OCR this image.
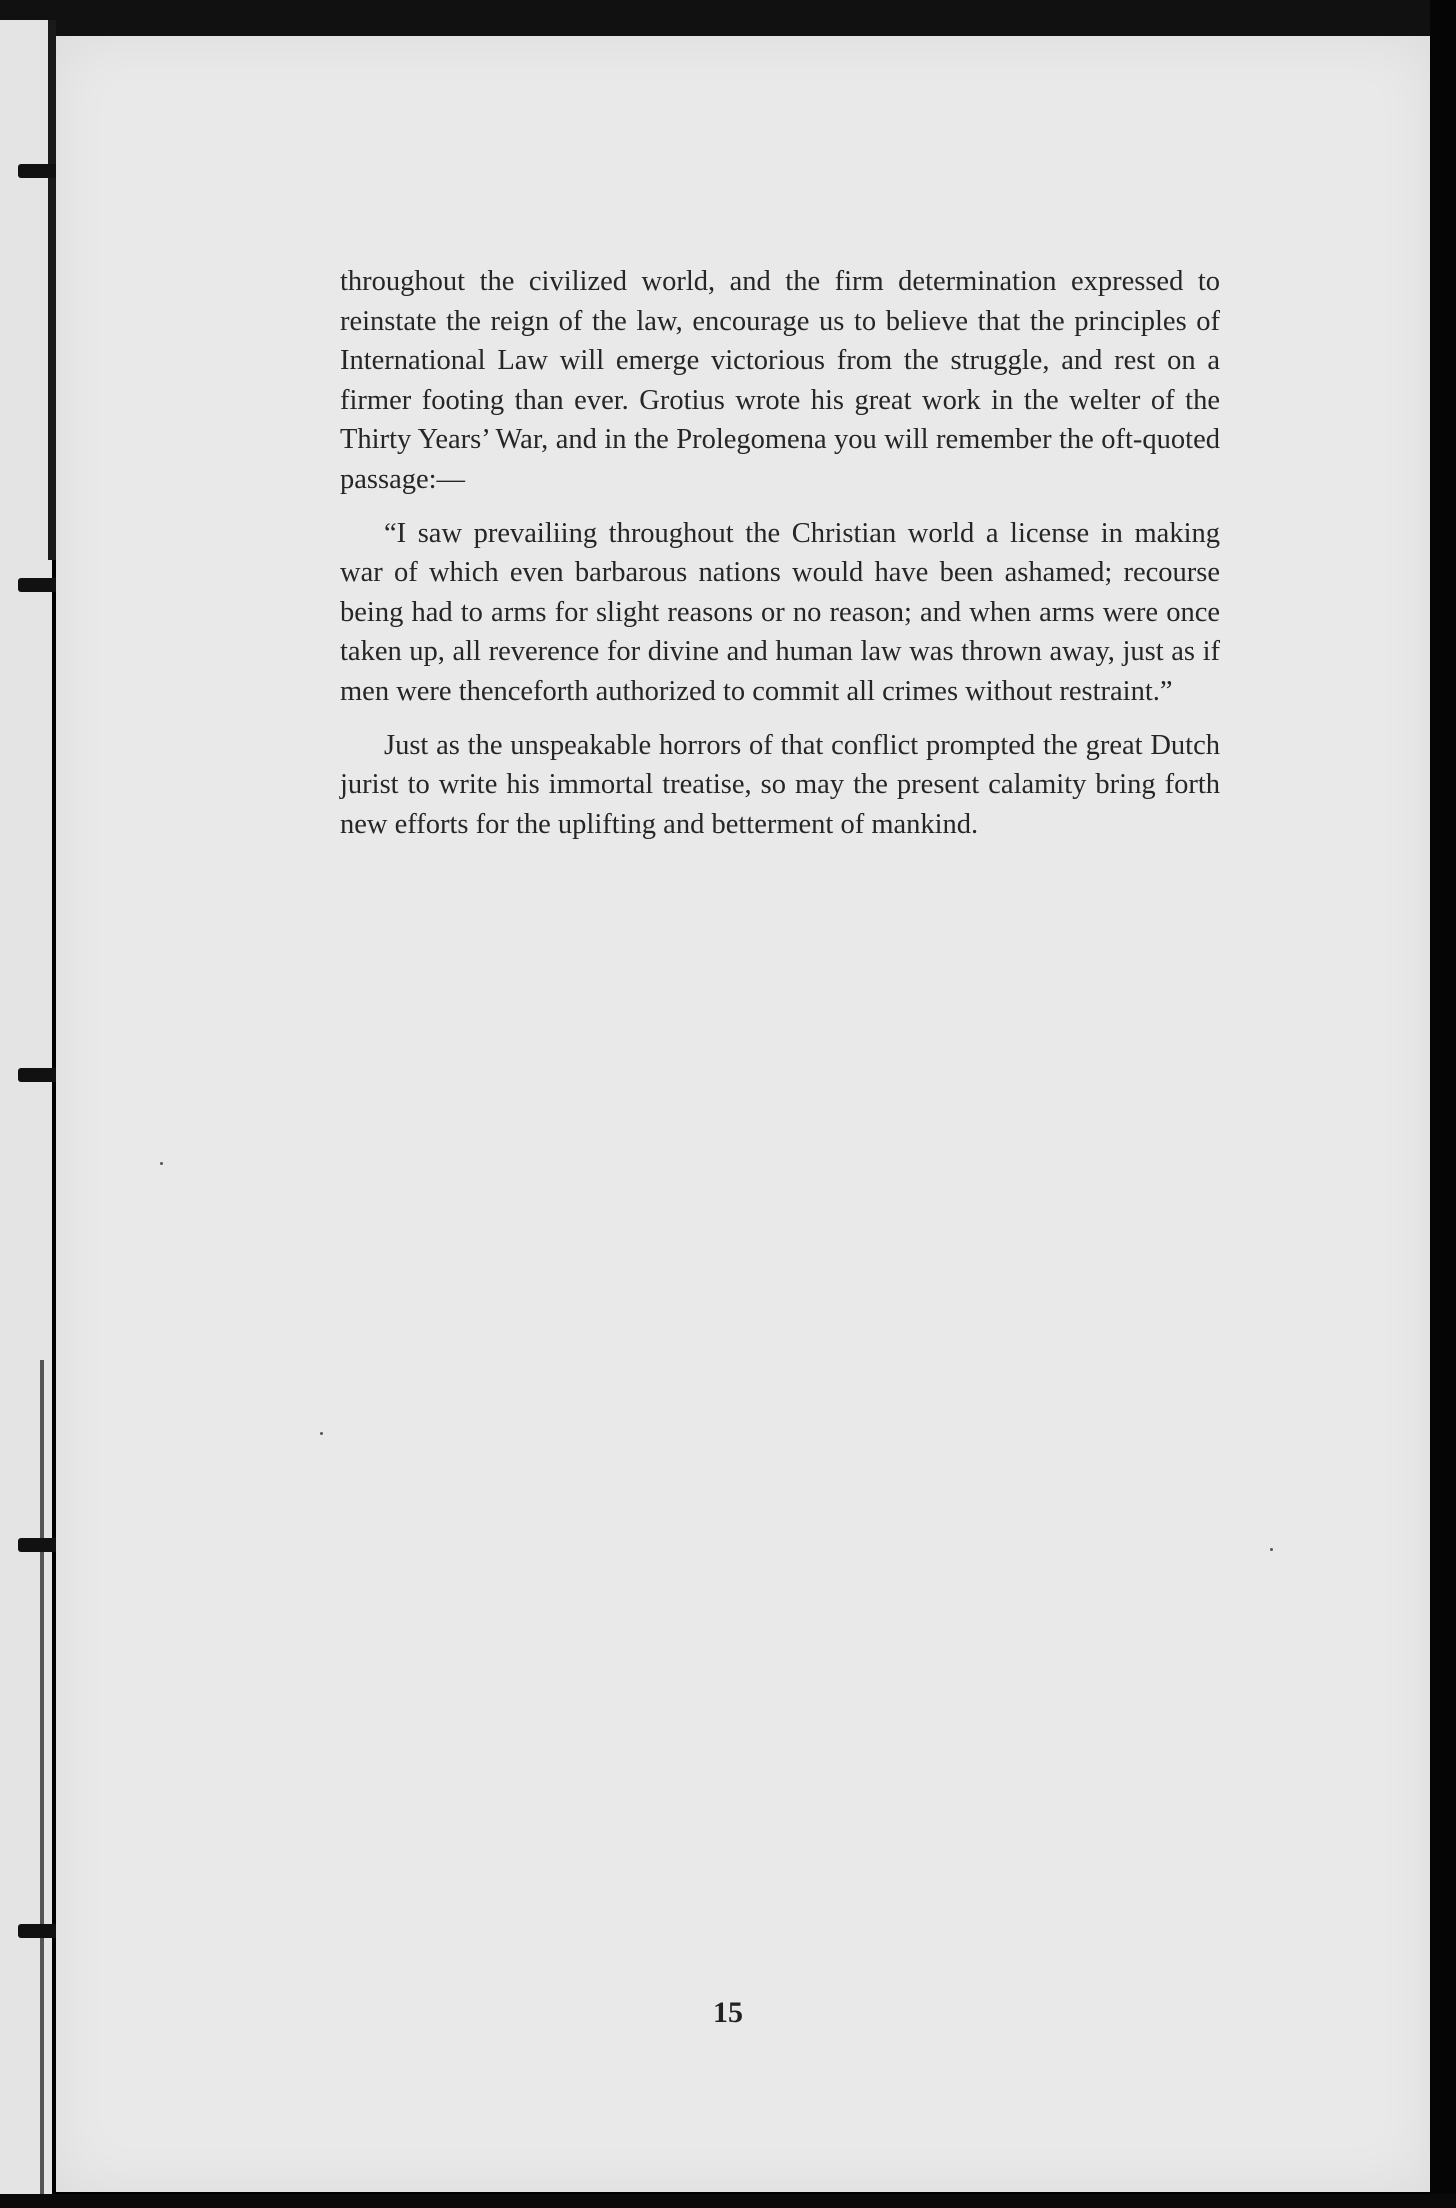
throughout the civilized world, and the firm determination expressed to reinstate the reign of the law, encourage us to believe that the principles of International Law will emerge victorious from the struggle, and rest on a firmer footing than ever. Grotius wrote his great work in the welter of the Thirty Years’ War, and in the Prolegomena you will remember the oft-quoted passage:—

“I saw prevailiing throughout the Christian world a license in making war of which even barbarous nations would have been ashamed; recourse being had to arms for slight reasons or no reason; and when arms were once taken up, all reverence for divine and human law was thrown away, just as if men were thenceforth authorized to commit all crimes without restraint.”

Just as the unspeakable horrors of that conflict prompted the great Dutch jurist to write his immortal treatise, so may the present calamity bring forth new efforts for the uplifting and betterment of mankind.

15
